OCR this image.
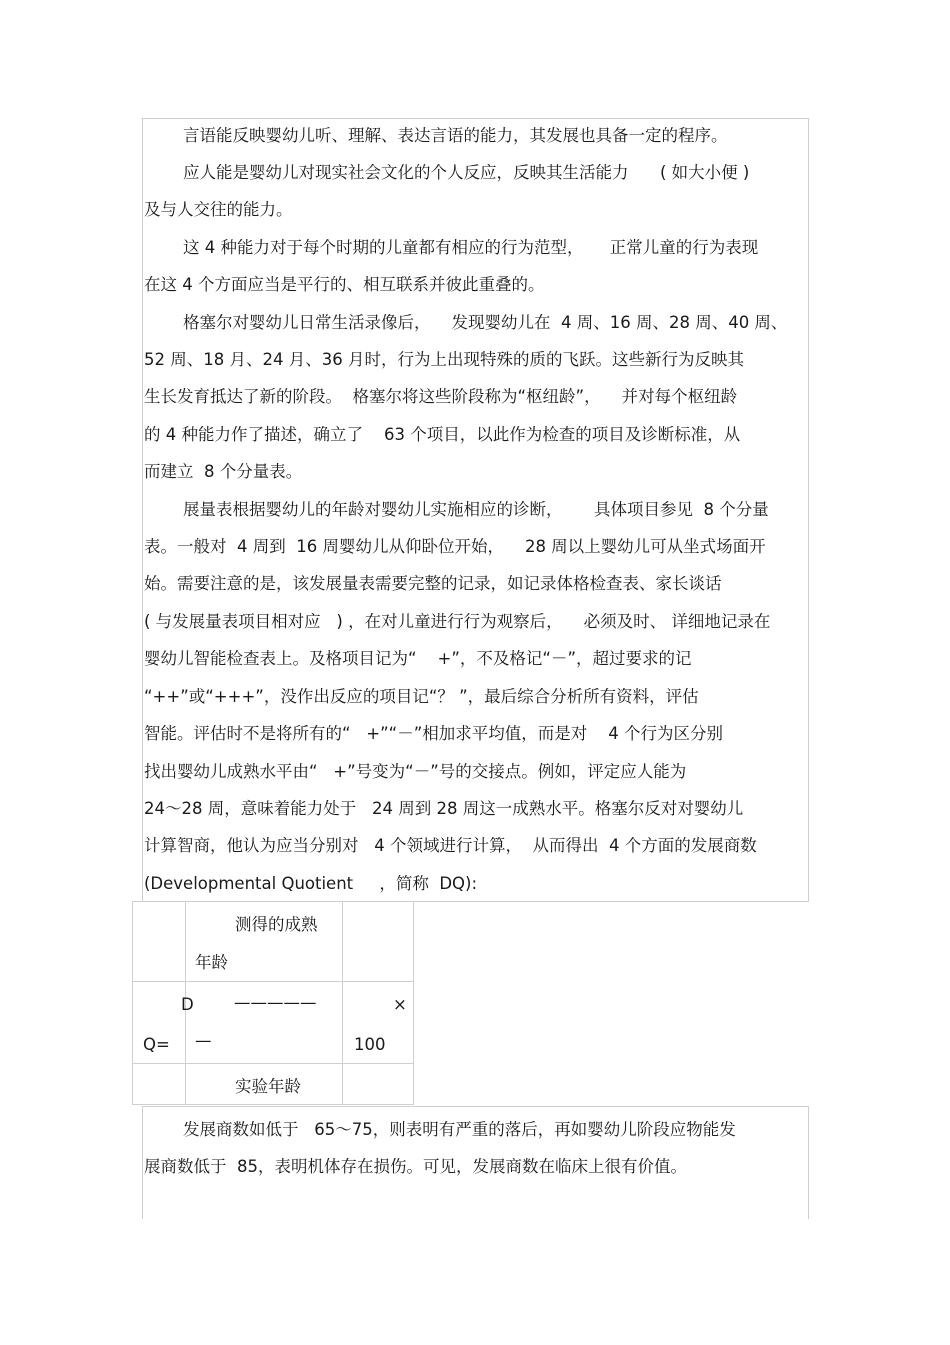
言语能反映婴幼儿听、理解、表达言语的能力，其发展也具备一定的程序。
应人能是婴幼儿对现实社会文化的个人反应，反映其生活能力      ( 如大小便 )
及与人交往的能力。
这 4 种能力对于每个时期的儿童都有相应的行为范型，     正常儿童的行为表现
在这 4 个方面应当是平行的、相互联系并彼此重叠的。
格塞尔对婴幼儿日常生活录像后，    发现婴幼儿在  4 周、16 周、28 周、40 周、
52 周、18 月、24 月、36 月时，行为上出现特殊的质的飞跃。这些新行为反映其
生长发育抵达了新的阶段。  格塞尔将这些阶段称为“枢纽龄”，    并对每个枢纽龄
的 4 种能力作了描述，确立了    63 个项目，以此作为检查的项目及诊断标准，从
而建立  8 个分量表。
展量表根据婴幼儿的年龄对婴幼儿实施相应的诊断，      具体项目参见  8 个分量
表。一般对  4 周到  16 周婴幼儿从仰卧位开始，    28 周以上婴幼儿可从坐式场面开
始。需要注意的是，该发展量表需要完整的记录，如记录体格检查表、家长谈话
( 与发展量表项目相对应   ) ，在对儿童进行行为观察后，    必须及时、 详细地记录在
婴幼儿智能检查表上。及格项目记为“    +”，不及格记“－”，超过要求的记
“++”或“+++”，没作出反应的项目记“？ ”，最后综合分析所有资料，评估
智能。评估时不是将所有的“   +”“－”相加求平均值，而是对    4 个行为区分别
找出婴幼儿成熟水平由“   +”号变为“－”号的交接点。例如，评定应人能为
24～28 周，意味着能力处于   24 周到 28 周这一成熟水平。格塞尔反对对婴幼儿
计算智商，他认为应当分别对   4 个领域进行计算，  从而得出  4 个方面的发展商数
(Developmental Quotient     ，简称  DQ):
测得的成熟
年龄
D —————	×
Q= —	100
实验年龄
发展商数如低于   65～75，则表明有严重的落后，再如婴幼儿阶段应物能发
展商数低于  85，表明机体存在损伤。可见，发展商数在临床上很有价值。
